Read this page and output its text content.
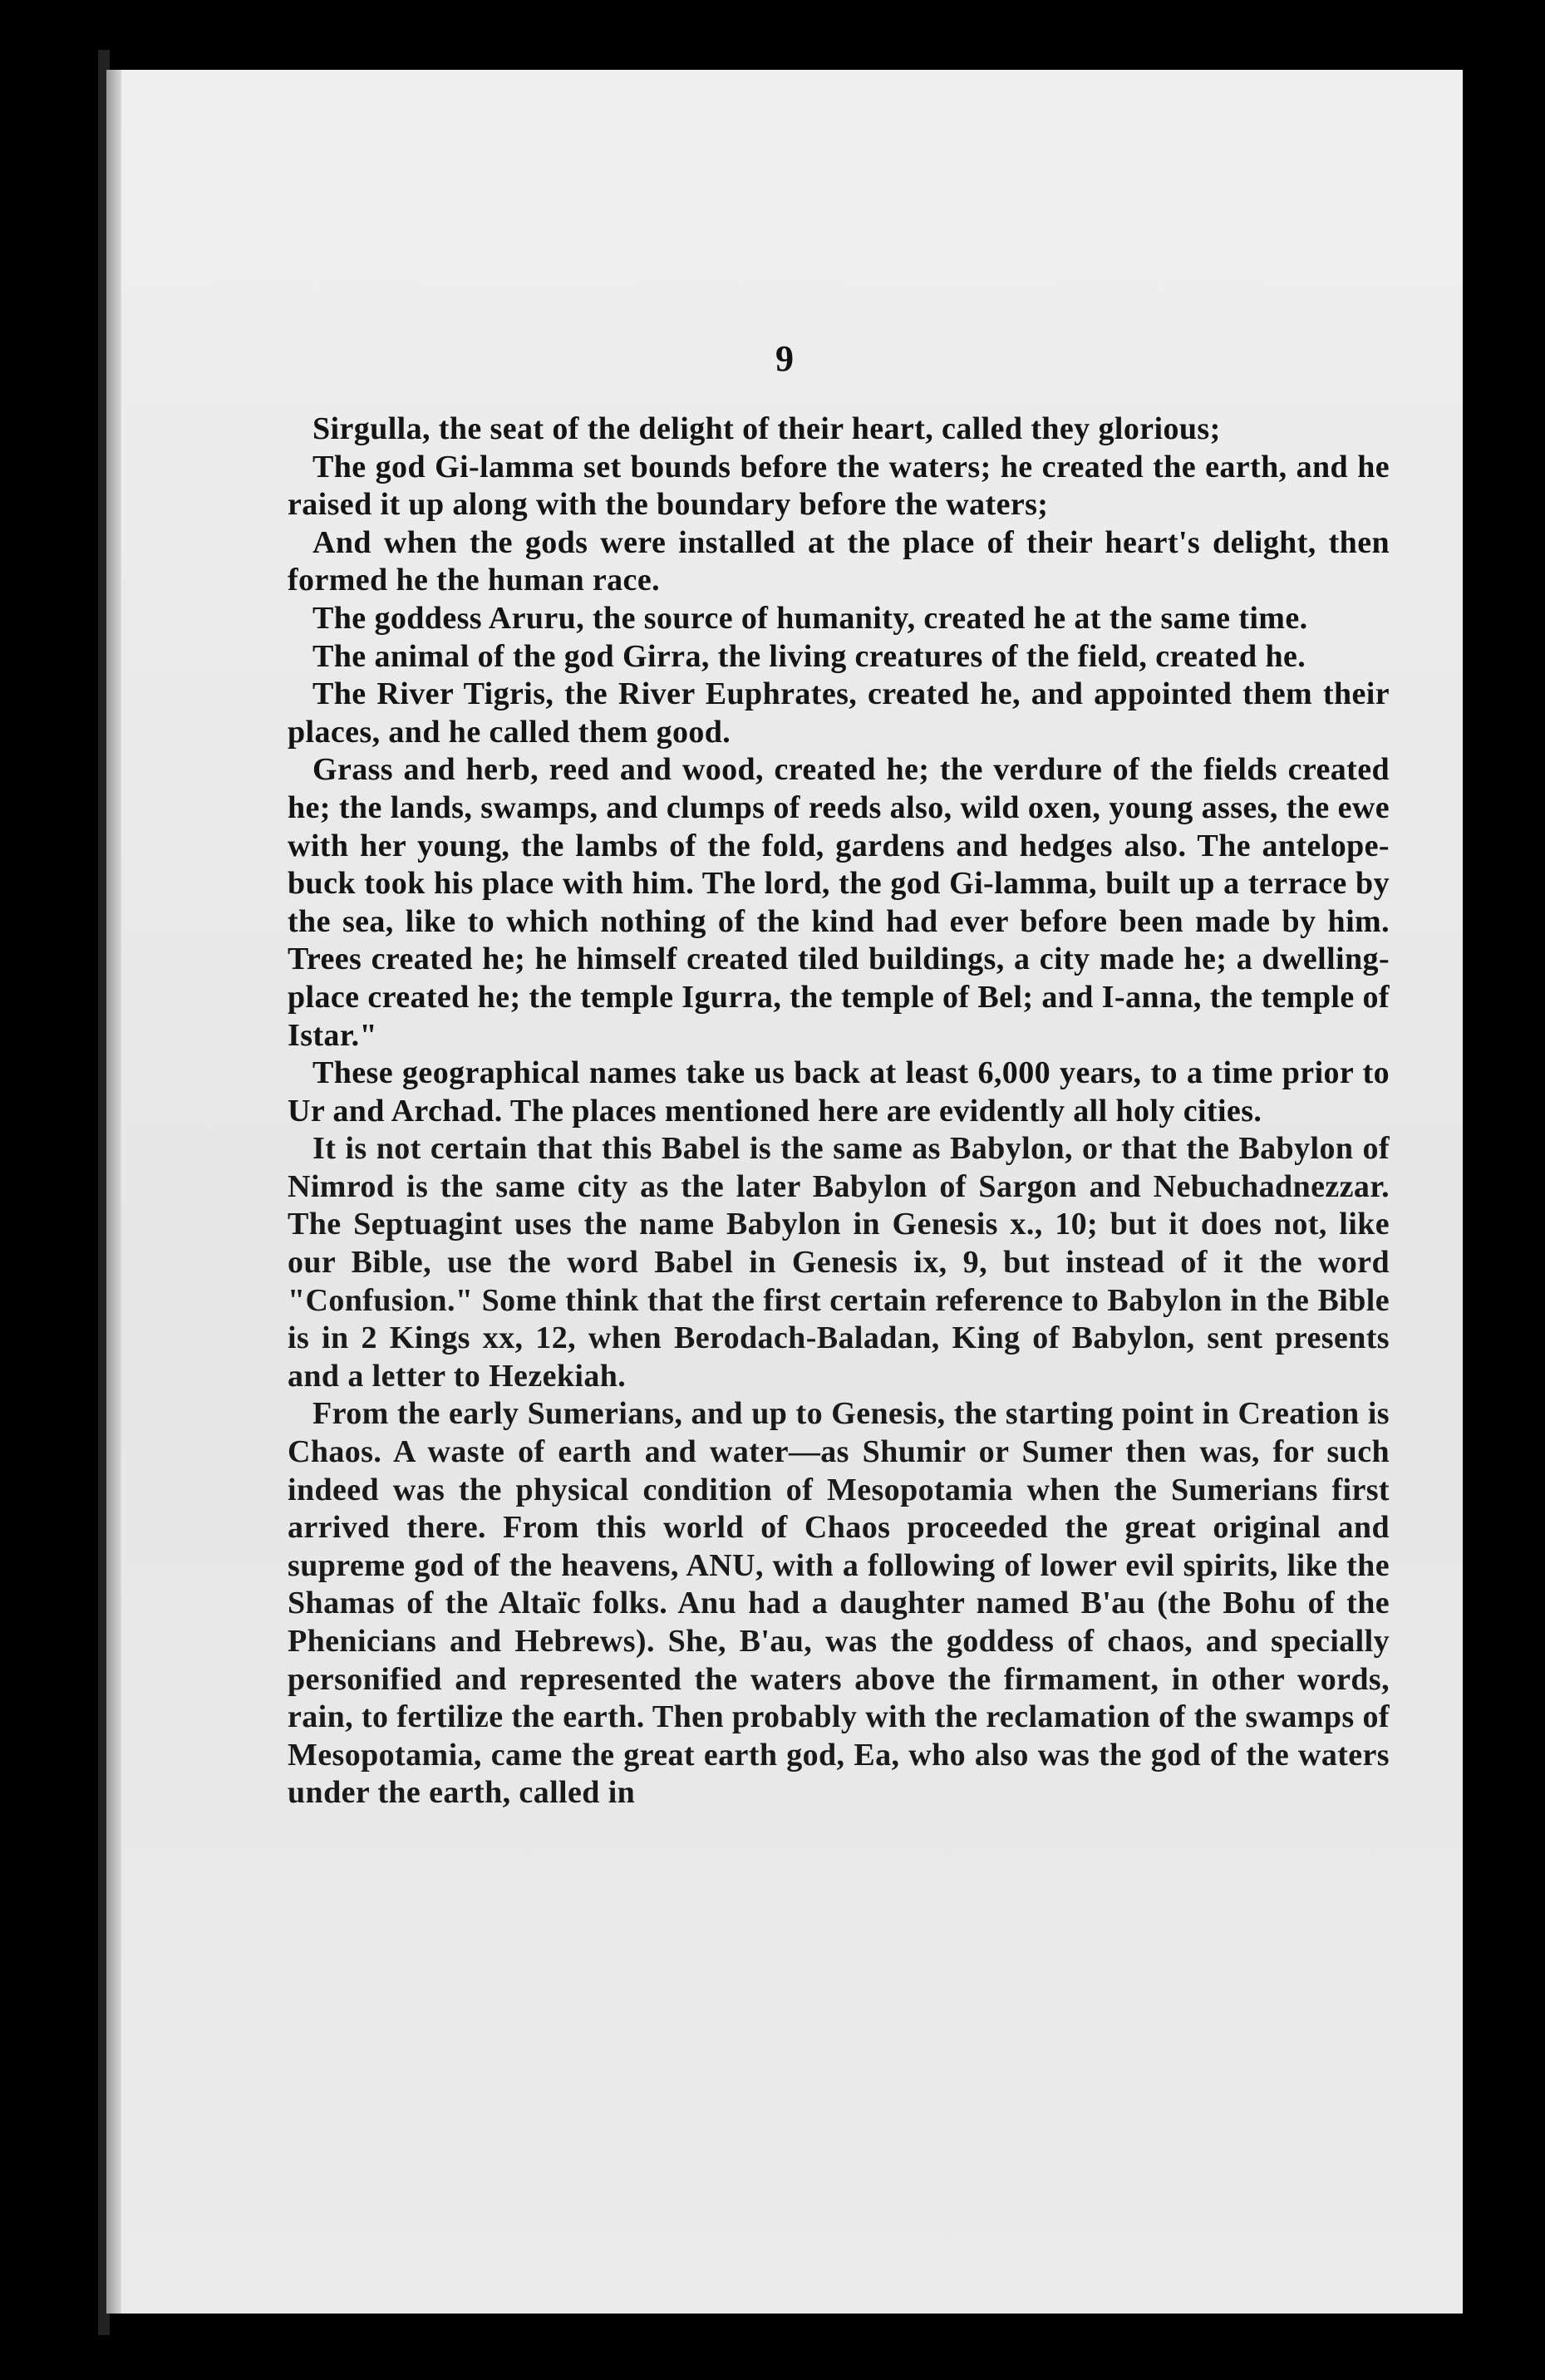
9

Sirgulla, the seat of the delight of their heart, called they glorious;

The god Gi-lamma set bounds before the waters; he created the earth, and he raised it up along with the boundary before the waters;

And when the gods were installed at the place of their heart's delight, then formed he the human race.

The goddess Aruru, the source of humanity, created he at the same time.

The animal of the god Girra, the living creatures of the field, created he.

The River Tigris, the River Euphrates, created he, and appointed them their places, and he called them good.

Grass and herb, reed and wood, created he; the verdure of the fields created he; the lands, swamps, and clumps of reeds also, wild oxen, young asses, the ewe with her young, the lambs of the fold, gardens and hedges also. The antelope-buck took his place with him. The lord, the god Gi-lamma, built up a terrace by the sea, like to which nothing of the kind had ever before been made by him. Trees created he; he himself created tiled buildings, a city made he; a dwelling-place created he; the temple Igurra, the temple of Bel; and I-anna, the temple of Istar."

These geographical names take us back at least 6,000 years, to a time prior to Ur and Archad. The places mentioned here are evidently all holy cities.

It is not certain that this Babel is the same as Babylon, or that the Babylon of Nimrod is the same city as the later Babylon of Sargon and Nebuchadnezzar. The Septuagint uses the name Babylon in Genesis x., 10; but it does not, like our Bible, use the word Babel in Genesis ix, 9, but instead of it the word "Confusion." Some think that the first certain reference to Babylon in the Bible is in 2 Kings xx, 12, when Berodach-Baladan, King of Babylon, sent presents and a letter to Hezekiah.

From the early Sumerians, and up to Genesis, the starting point in Creation is Chaos. A waste of earth and water—as Shumir or Sumer then was, for such indeed was the physical condition of Mesopotamia when the Sumerians first arrived there. From this world of Chaos proceeded the great original and supreme god of the heavens, ANU, with a following of lower evil spirits, like the Shamas of the Altaïc folks. Anu had a daughter named B'au (the Bohu of the Phenicians and Hebrews). She, B'au, was the goddess of chaos, and specially personified and represented the waters above the firmament, in other words, rain, to fertilize the earth. Then probably with the reclamation of the swamps of Mesopotamia, came the great earth god, Ea, who also was the god of the waters under the earth, called in
